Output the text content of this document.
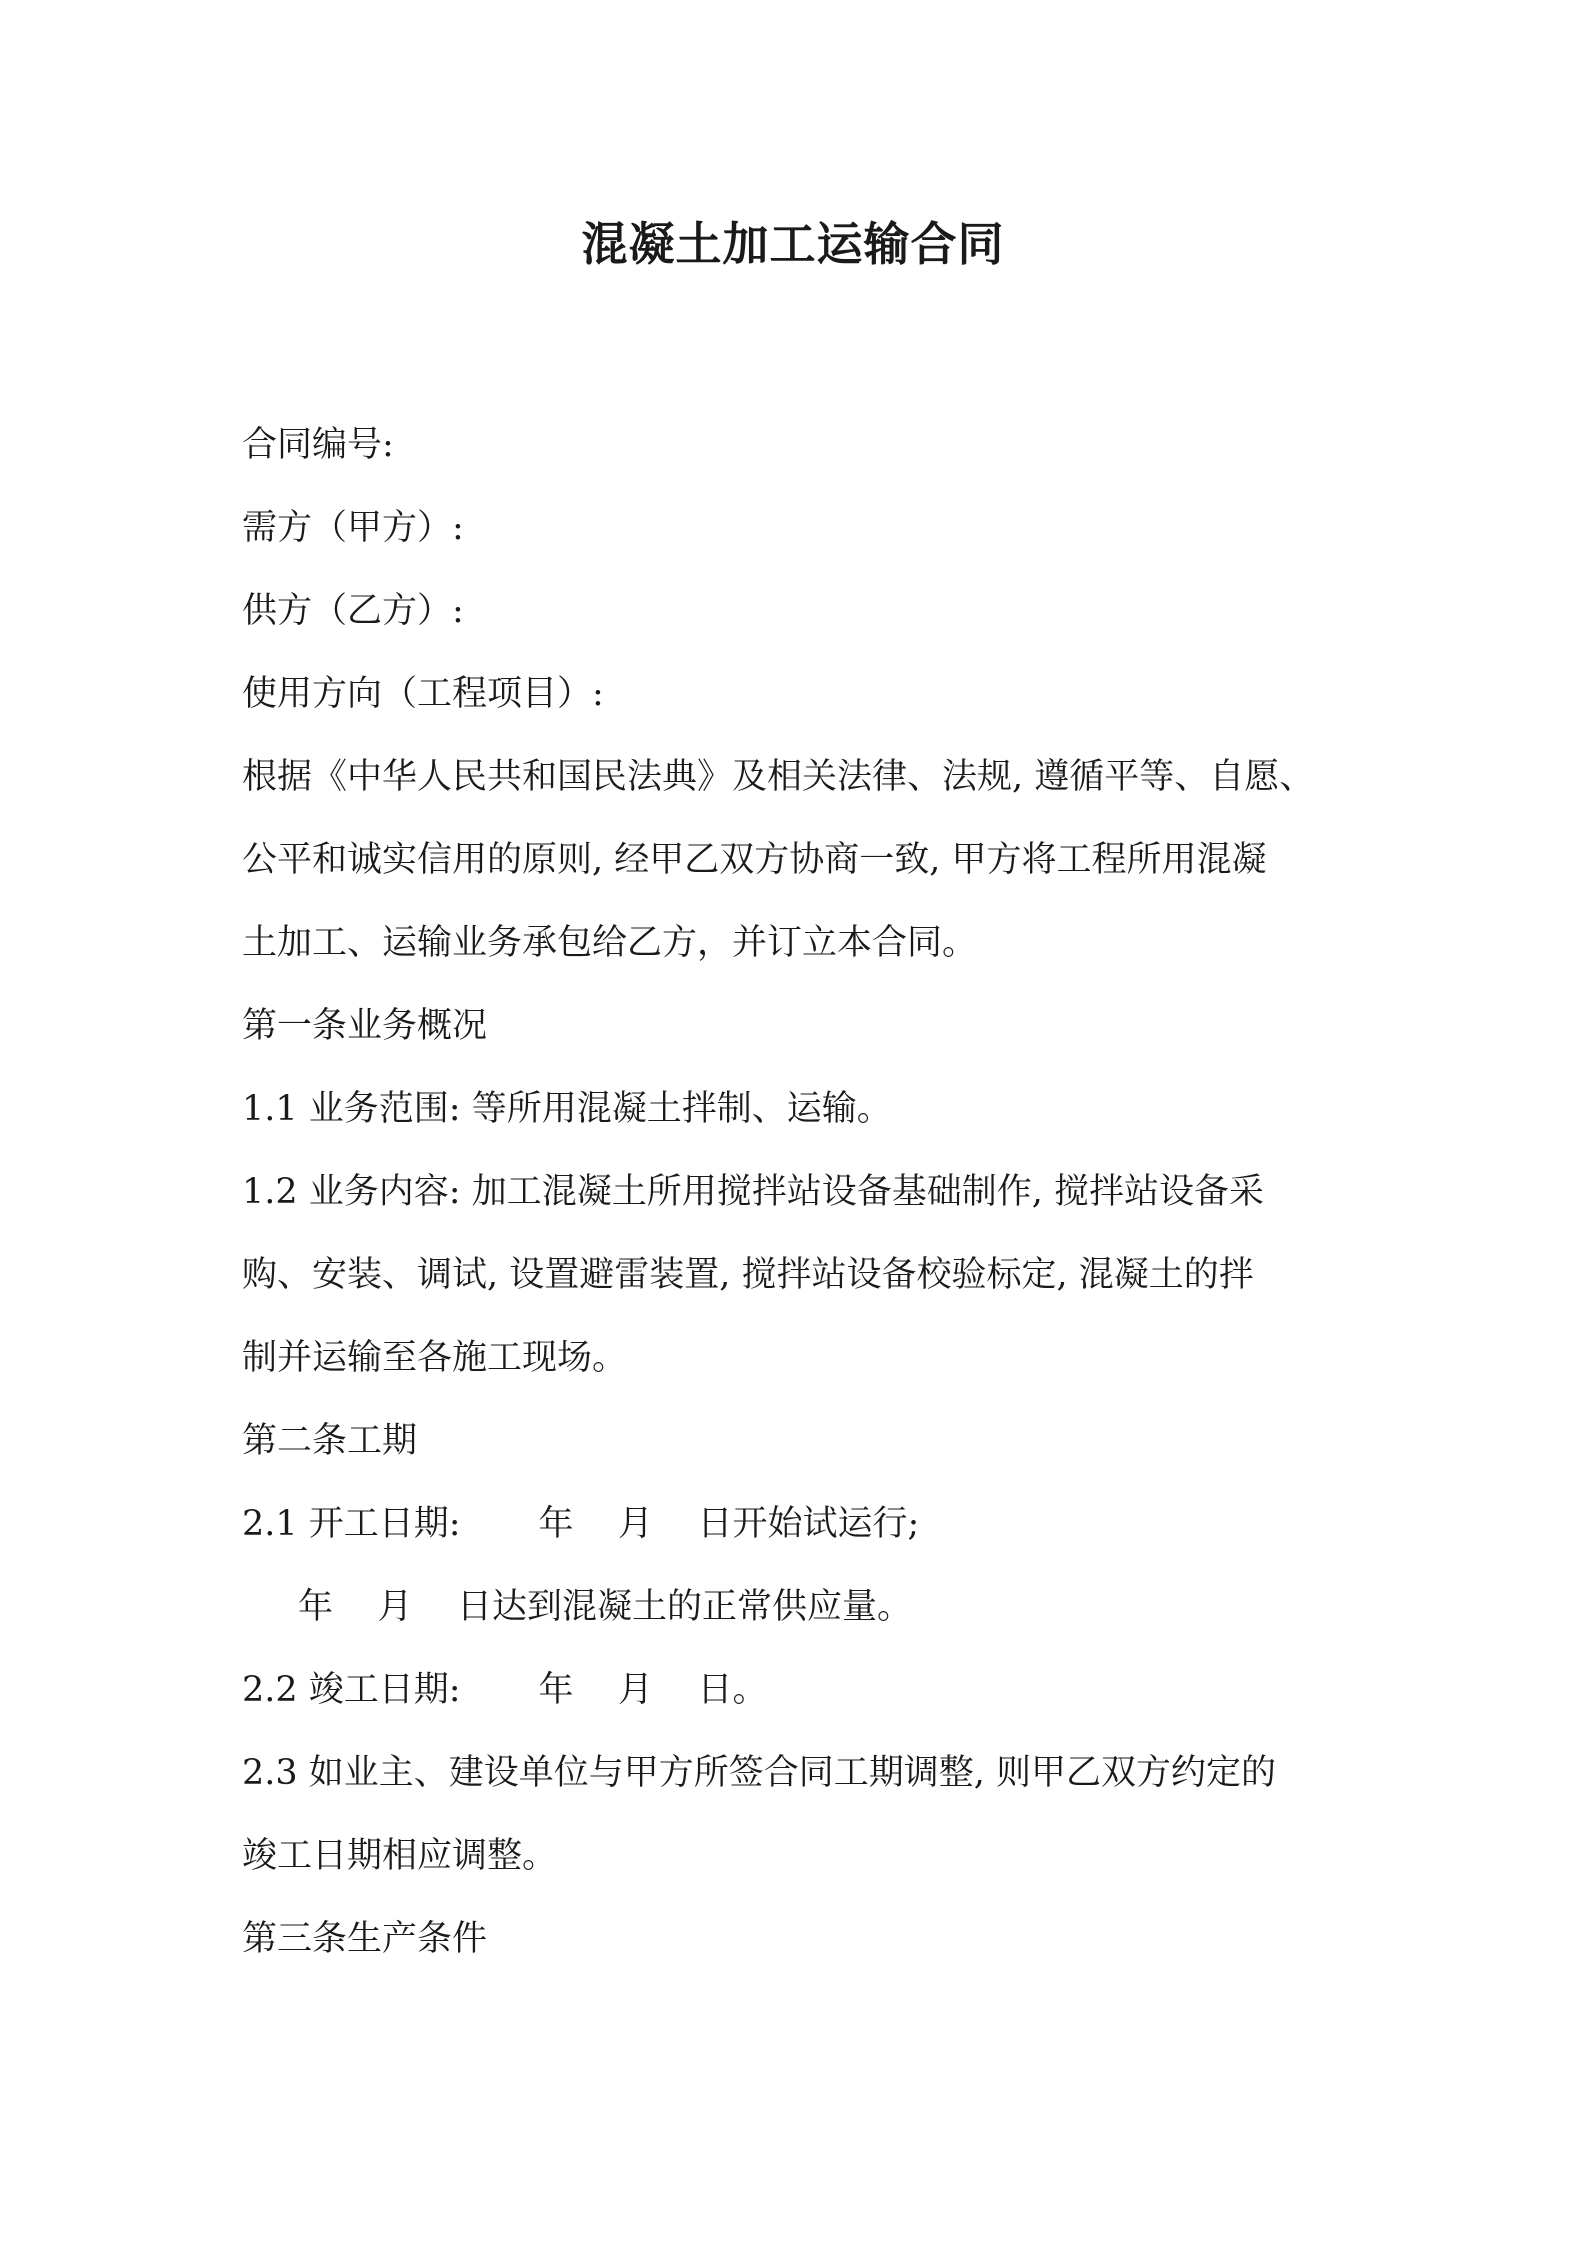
混凝土加工运输合同

合同编号:

需方（甲方）:

供方（乙方）:

使用方向（工程项目）:

根据《中华人民共和国民法典》及相关法律、法规, 遵循平等、自愿、

公平和诚实信用的原则, 经甲乙双方协商一致, 甲方将工程所用混凝

土加工、运输业务承包给乙方，并订立本合同。

第一条业务概况

1.1 业务范围: 等所用混凝土拌制、运输。

1.2 业务内容: 加工混凝土所用搅拌站设备基础制作, 搅拌站设备采

购、安装、调试, 设置避雷装置, 搅拌站设备校验标定, 混凝土的拌

制并运输至各施工现场。

第二条工期

2.1 开工日期:       年    月    日开始试运行;

年    月    日达到混凝土的正常供应量。

2.2 竣工日期:       年    月    日。

2.3 如业主、建设单位与甲方所签合同工期调整, 则甲乙双方约定的

竣工日期相应调整。

第三条生产条件
